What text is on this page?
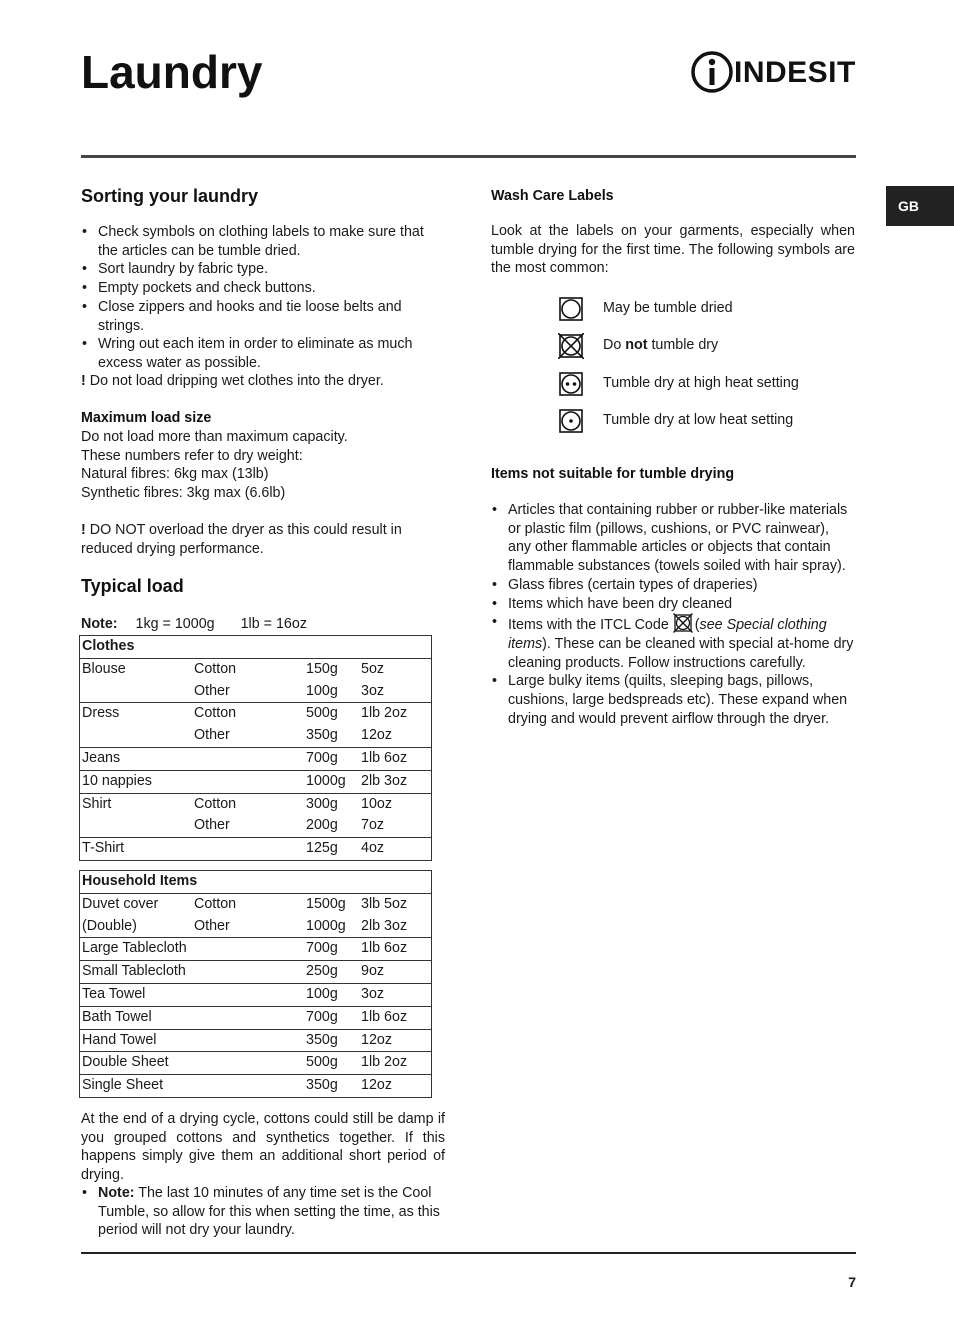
Laundry	INDESIT
GB
Sorting your laundry
• Check symbols on clothing labels to make sure that the articles can be tumble dried.
• Sort laundry by fabric type.
• Empty pockets and check buttons.
• Close zippers and hooks and tie loose belts and strings.
• Wring out each item in order to eliminate as much excess water as possible.

! Do not load dripping wet clothes into the dryer.

Maximum load size

Do not load more than maximum capacity.

These numbers refer to dry weight:

Natural fibres: 6kg max (13lb)

Synthetic fibres: 3kg max (6.6lb)

! DO NOT overload the dryer as this could result in reduced drying performance.

Typical load
Note: 1kg = 1000g 1lb = 16oz
Clothes			
Blouse	Cotton	150g	5oz
	Other	100g	3oz
Dress	Cotton	500g	1lb 2oz
	Other	350g	12oz
Jeans		700g	1lb 6oz
10 nappies		1000g	2lb 3oz
Shirt	Cotton	300g	10oz
	Other	200g	7oz
T-Shirt		125g	4oz
Household Items			
Duvet cover	Cotton	1500g	3lb 5oz
(Double)	Other	1000g	2lb 3oz
Large Tablecloth		700g	1lb 6oz
Small Tablecloth		250g	9oz
Tea Towel		100g	3oz
Bath Towel		700g	1lb 6oz
Hand Towel		350g	12oz
Double Sheet		500g	1lb 2oz
Single Sheet		350g	12oz

At the end of a drying cycle, cottons could still be damp if you grouped cottons and synthetics together. If this happens simply give them an additional short period of drying.

• Note: The last 10 minutes of any time set is the Cool Tumble, so allow for this when setting the time, as this period will not dry your laundry.
Wash Care Labels

Look at the labels on your garments, especially when tumble drying for the first time. The following symbols are the most common:

May be tumble dried
Do not tumble dry
Tumble dry at high heat setting
Tumble dry at low heat setting
Items not suitable for tumble drying
• Articles that containing rubber or rubber-like materials or plastic film (pillows, cushions, or PVC rainwear), any other flammable articles or objects that contain flammable substances (towels soiled with hair spray).
• Glass fibres (certain types of draperies)
• Items which have been dry cleaned
• Items with the ITCL Code (see Special clothing items). These can be cleaned with special at-home dry cleaning products. Follow instructions carefully.
• Large bulky items (quilts, sleeping bags, pillows, cushions, large bedspreads etc). These expand when drying and would prevent airflow through the dryer.
7
